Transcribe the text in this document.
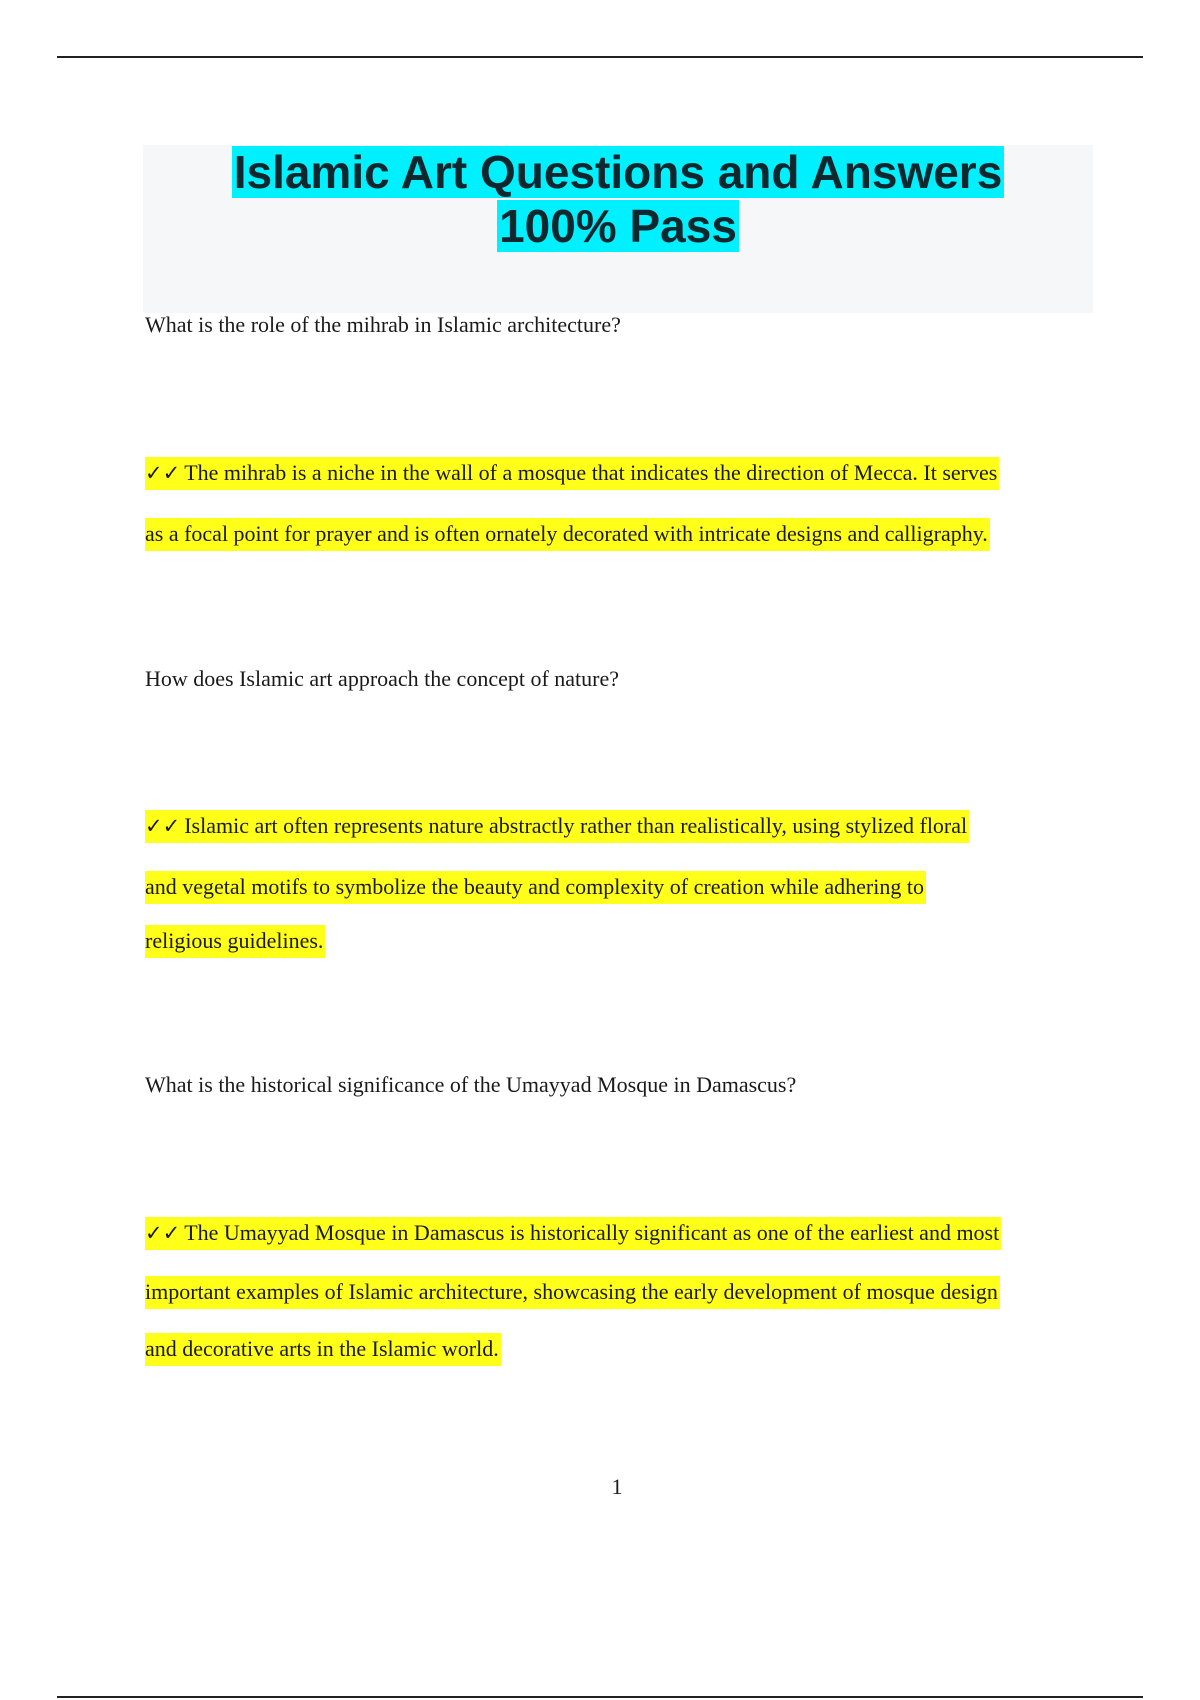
Islamic Art Questions and Answers
100% Pass
What is the role of the mihrab in Islamic architecture?
✓✓ The mihrab is a niche in the wall of a mosque that indicates the direction of Mecca. It serves
as a focal point for prayer and is often ornately decorated with intricate designs and calligraphy.
How does Islamic art approach the concept of nature?
✓✓ Islamic art often represents nature abstractly rather than realistically, using stylized floral
and vegetal motifs to symbolize the beauty and complexity of creation while adhering to
religious guidelines.
What is the historical significance of the Umayyad Mosque in Damascus?
✓✓ The Umayyad Mosque in Damascus is historically significant as one of the earliest and most
important examples of Islamic architecture, showcasing the early development of mosque design
and decorative arts in the Islamic world.
1
